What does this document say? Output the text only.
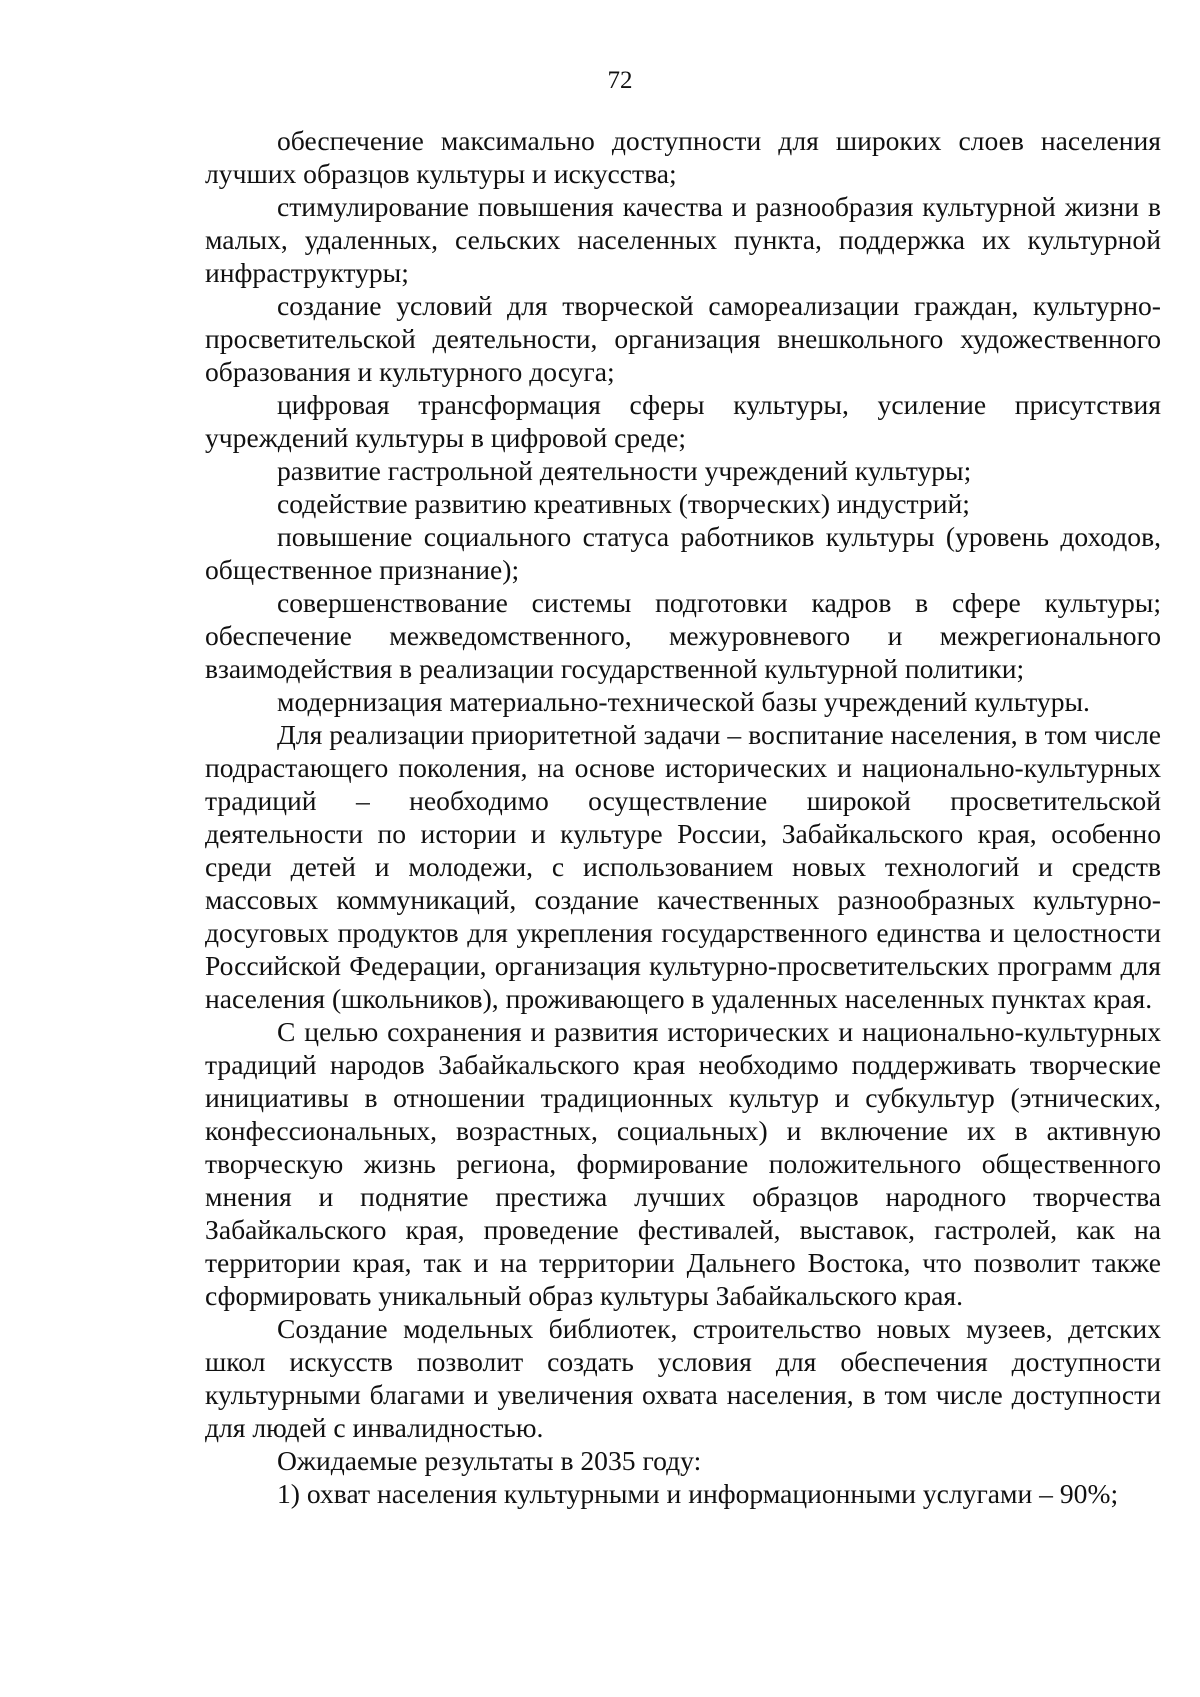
72

обеспечение максимально доступности для широких слоев населения лучших образцов культуры и искусства;

стимулирование повышения качества и разнообразия культурной жизни в малых, удаленных, сельских населенных пункта, поддержка их культурной инфраструктуры;

создание условий для творческой самореализации граждан, культурно-просветительской деятельности, организация внешкольного художественного образования и культурного досуга;

цифровая трансформация сферы культуры, усиление присутствия учреждений культуры в цифровой среде;

развитие гастрольной деятельности учреждений культуры;

содействие развитию креативных (творческих) индустрий;

повышение социального статуса работников культуры (уровень доходов, общественное признание);

совершенствование системы подготовки кадров в сфере культуры; обеспечение межведомственного, межуровневого и межрегионального взаимодействия в реализации государственной культурной политики;

модернизация материально-технической базы учреждений культуры.

Для реализации приоритетной задачи – воспитание населения, в том числе подрастающего поколения, на основе исторических и национально-культурных традиций – необходимо осуществление широкой просветительской деятельности по истории и культуре России, Забайкальского края, особенно среди детей и молодежи, с использованием новых технологий и средств массовых коммуникаций, создание качественных разнообразных культурно-досуговых продуктов для укрепления государственного единства и целостности Российской Федерации, организация культурно-просветительских программ для населения (школьников), проживающего в удаленных населенных пунктах края.

С целью сохранения и развития исторических и национально-культурных традиций народов Забайкальского края необходимо поддерживать творческие инициативы в отношении традиционных культур и субкультур (этнических, конфессиональных, возрастных, социальных) и включение их в активную творческую жизнь региона, формирование положительного общественного мнения и поднятие престижа лучших образцов народного творчества Забайкальского края, проведение фестивалей, выставок, гастролей, как на территории края, так и на территории Дальнего Востока, что позволит также сформировать уникальный образ культуры Забайкальского края.

Создание модельных библиотек, строительство новых музеев, детских школ искусств позволит создать условия для обеспечения доступности культурными благами и увеличения охвата населения, в том числе доступности для людей с инвалидностью.

Ожидаемые результаты в 2035 году:

1) охват населения культурными и информационными услугами – 90%;
